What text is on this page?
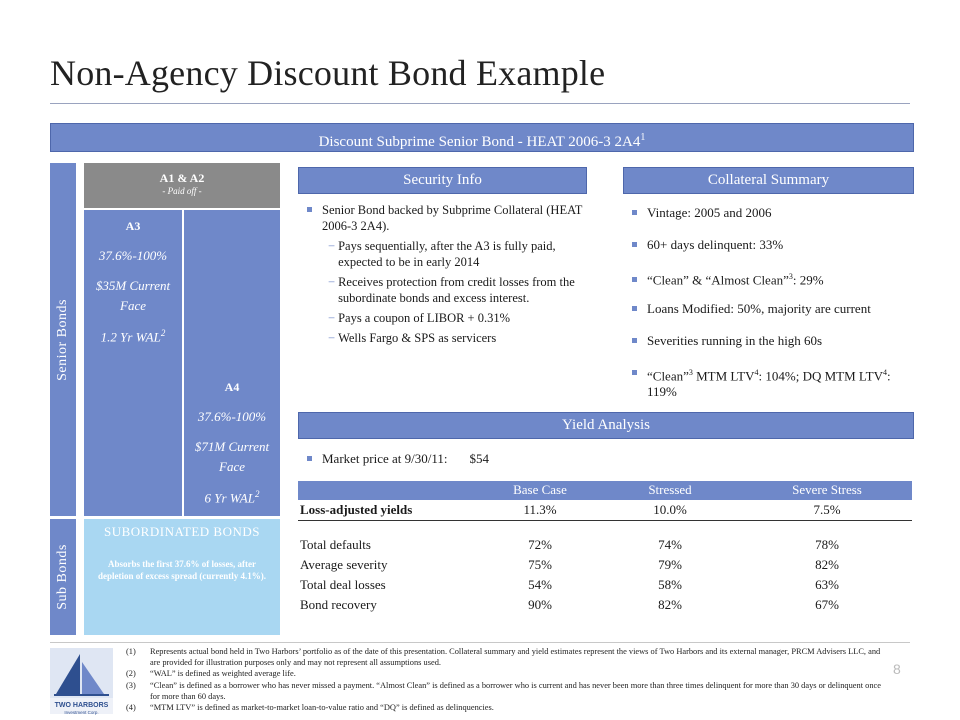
Non-Agency Discount Bond Example
Discount Subprime Senior Bond - HEAT 2006-3 $2A4^1$
Senior Bonds
Sub Bonds
A1 & A2
- Paid off -
A3
37.6%-100%
$35M Current Face
1.2 Yr WAL$^2$
A4
37.6%-100%
$71M Current Face
6 Yr WAL$^2$
SUBORDINATED BONDS
Absorbs the first 37.6% of losses, after depletion of excess spread (currently 4.1%).
Security Info
Senior Bond backed by Subprime Collateral (HEAT 2006-3 2A4).
− Pays sequentially, after the A3 is fully paid, expected to be in early 2014
− Receives protection from credit losses from the subordinate bonds and excess interest.
− Pays a coupon of LIBOR + 0.31%
− Wells Fargo & SPS as servicers
Collateral Summary
Vintage: 2005 and 2006
60+ days delinquent: 33%
“Clean” & “Almost Clean”$^3$: 29%
Loans Modified: 50%, majority are current
Severities running in the high 60s
“Clean”$^3$ MTM LTV$^4$: 104%; DQ MTM LTV$^4$: 119%
Yield Analysis
Market price at 9/30/11: $54
Base Case	Stressed	Severe Stress
Loss-adjusted yields	11.3%	10.0%	7.5%
Total defaults	72%	74%	78%
Average severity	75%	79%	82%
Total deal losses	54%	58%	63%
Bond recovery	90%	82%	67%
TWO HARBORS
Investment Corp.
8
(1)	Represents actual bond held in Two Harbors’ portfolio as of the date of this presentation. Collateral summary and yield estimates represent the views of Two Harbors and its external manager, PRCM Advisers LLC, and are provided for illustration purposes only and may not represent all assumptions used.
(2)	“WAL” is defined as weighted average life.
(3)	“Clean” is defined as a borrower who has never missed a payment. “Almost Clean” is defined as a borrower who is current and has never been more than three times delinquent for more than 30 days or delinquent once for more than 60 days.
(4)	“MTM LTV” is defined as market-to-market loan-to-value ratio and “DQ” is defined as delinquencies.
